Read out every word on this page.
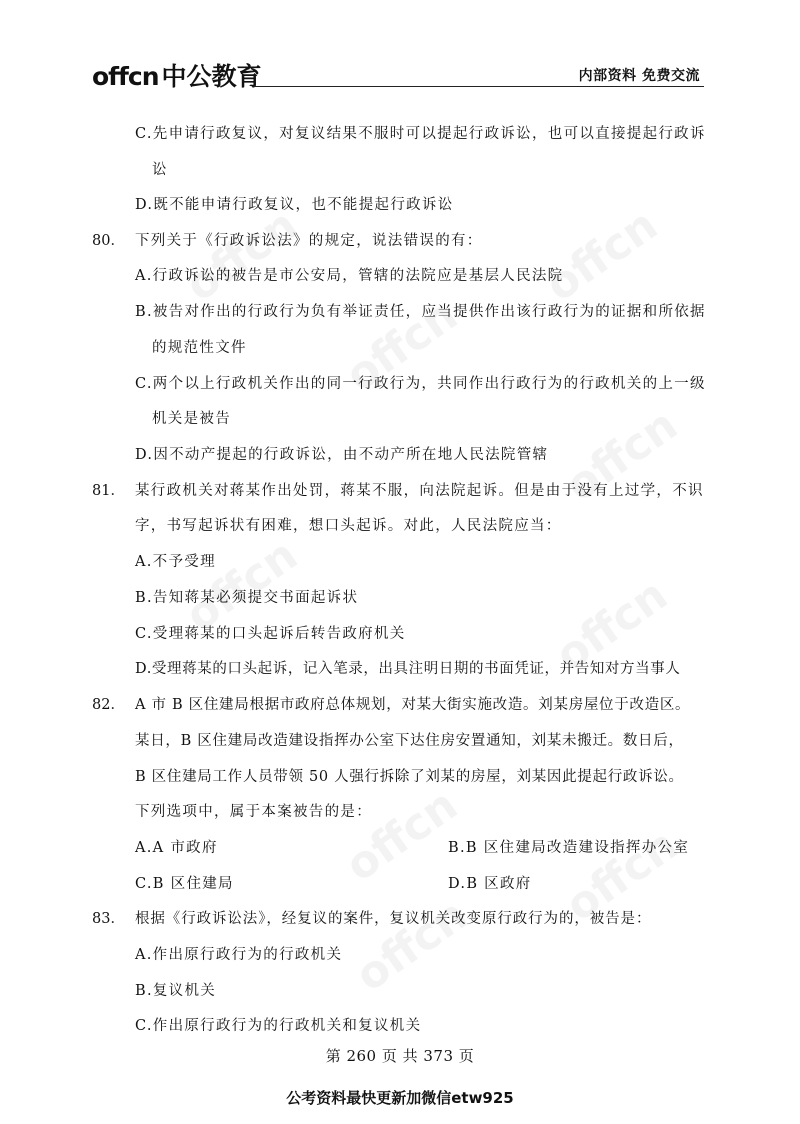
offcn 中公教育	内部资料 免费交流
C.先申请行政复议，对复议结果不服时可以提起行政诉讼，也可以直接提起行政诉
讼
D.既不能申请行政复议，也不能提起行政诉讼
80． 下列关于《行政诉讼法》的规定，说法错误的有：
A.行政诉讼的被告是市公安局，管辖的法院应是基层人民法院
B.被告对作出的行政行为负有举证责任，应当提供作出该行政行为的证据和所依据
的规范性文件
C.两个以上行政机关作出的同一行政行为，共同作出行政行为的行政机关的上一级
机关是被告
D.因不动产提起的行政诉讼，由不动产所在地人民法院管辖
81． 某行政机关对蒋某作出处罚，蒋某不服，向法院起诉。但是由于没有上过学，不识
字，书写起诉状有困难，想口头起诉。对此，人民法院应当：
A.不予受理
B.告知蒋某必须提交书面起诉状
C.受理蒋某的口头起诉后转告政府机关
D.受理蒋某的口头起诉，记入笔录，出具注明日期的书面凭证，并告知对方当事人
82． A 市 B 区住建局根据市政府总体规划，对某大街实施改造。刘某房屋位于改造区。
某日，B 区住建局改造建设指挥办公室下达住房安置通知，刘某未搬迁。数日后，
B 区住建局工作人员带领 50 人强行拆除了刘某的房屋，刘某因此提起行政诉讼。
下列选项中，属于本案被告的是：
A.A 市政府	B.B 区住建局改造建设指挥办公室
C.B 区住建局	D.B 区政府
83． 根据《行政诉讼法》，经复议的案件，复议机关改变原行政行为的，被告是：
A.作出原行政行为的行政机关
B.复议机关
C.作出原行政行为的行政机关和复议机关
第 260 页 共 373 页
公考资料最快更新加微信etw925
